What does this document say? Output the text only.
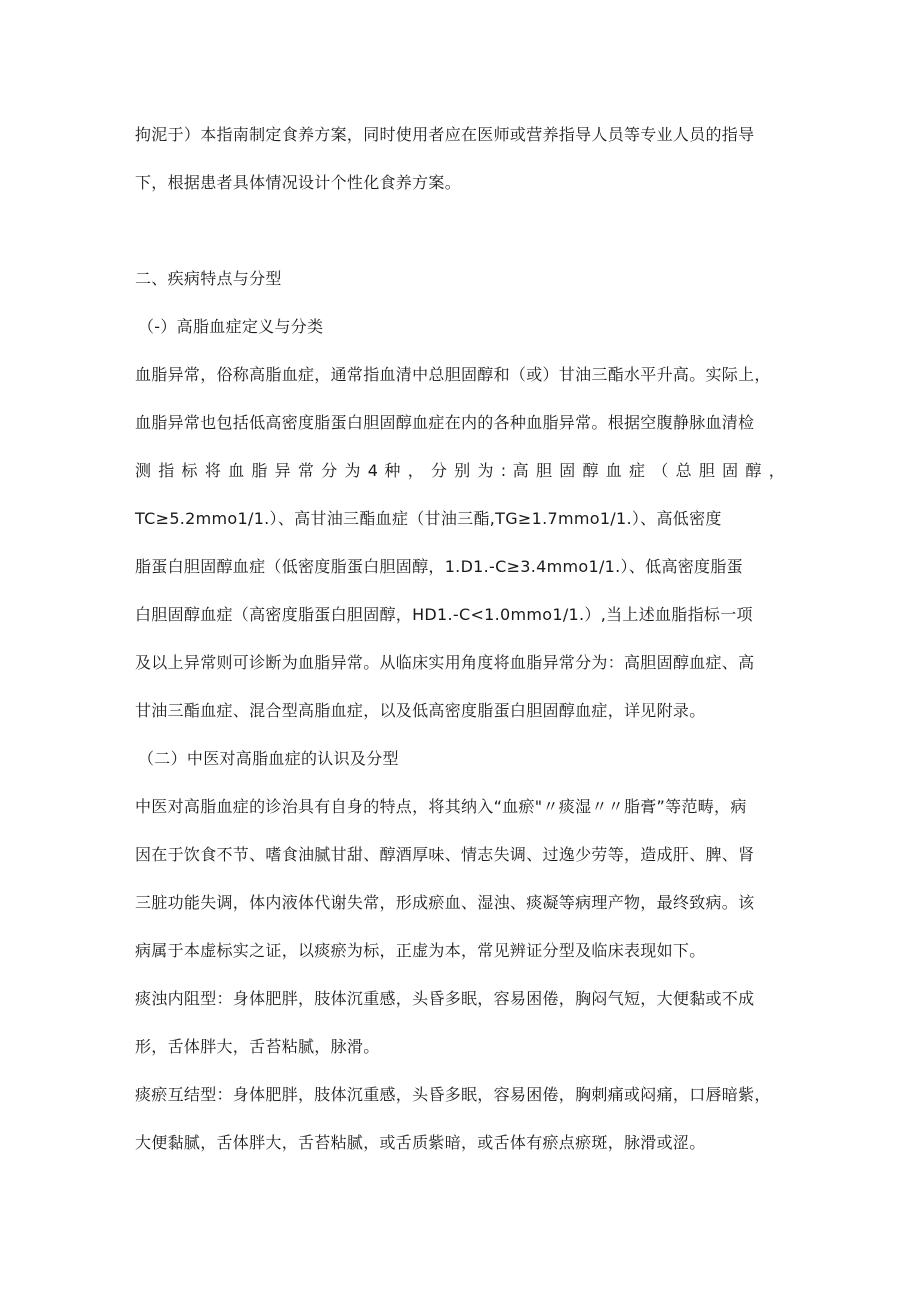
拘泥于）本指南制定食养方案，同时使用者应在医师或营养指导人员等专业人员的指导
下，根据患者具体情况设计个性化食养方案。
二、疾病特点与分型
（-）高脂血症定义与分类
血脂异常，俗称高脂血症，通常指血清中总胆固醇和（或）甘油三酯水平升高。实际上，
血脂异常也包括低高密度脂蛋白胆固醇血症在内的各种血脂异常。根据空腹静脉血清检
测 指 标 将 血 脂 异 常 分 为 4 种 ， 分 别 为 : 高 胆 固 醇 血 症 （ 总 胆 固 醇 ，
TC≥5.2mmo1/1.）、高甘油三酯血症（甘油三酯,TG≥1.7mmo1/1.）、高低密度
脂蛋白胆固醇血症（低密度脂蛋白胆固醇，1.D1.-C≥3.4mmo1/1.）、低高密度脂蛋
白胆固醇血症（高密度脂蛋白胆固醇，HD1.-C<1.0mmo1/1.）,当上述血脂指标一项
及以上异常则可诊断为血脂异常。从临床实用角度将血脂异常分为：高胆固醇血症、高
甘油三酯血症、混合型高脂血症，以及低高密度脂蛋白胆固醇血症，详见附录。
（二）中医对高脂血症的认识及分型
中医对高脂血症的诊治具有自身的特点，将其纳入“血瘀"〃痰湿〃〃脂膏”等范畴，病
因在于饮食不节、嗜食油腻甘甜、醇酒厚味、情志失调、过逸少劳等，造成肝、脾、肾
三脏功能失调，体内液体代谢失常，形成瘀血、湿浊、痰凝等病理产物，最终致病。该
病属于本虚标实之证，以痰瘀为标，正虚为本，常见辨证分型及临床表现如下。
痰浊内阻型：身体肥胖，肢体沉重感，头昏多眠，容易困倦，胸闷气短，大便黏或不成
形，舌体胖大，舌苔粘腻，脉滑。
痰瘀互结型：身体肥胖，肢体沉重感，头昏多眠，容易困倦，胸刺痛或闷痛，口唇暗紫，
大便黏腻，舌体胖大，舌苔粘腻，或舌质紫暗，或舌体有瘀点瘀斑，脉滑或涩。
